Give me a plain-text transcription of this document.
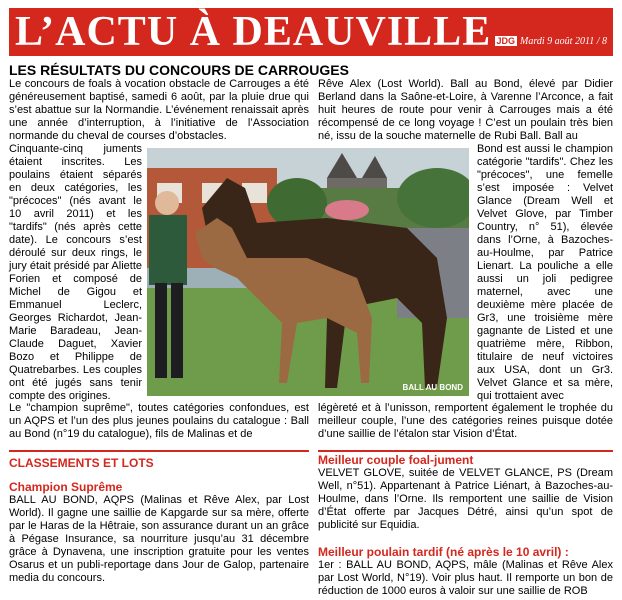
L’ACTU À DEAUVILLE JDG Mardi 9 août 2011 / 8
LES RÉSULTATS DU CONCOURS DE CARROUGES

Le concours de foals à vocation obstacle de Carrouges a été généreusement baptisé, samedi 6 août, par la pluie drue qui s’est abattue sur la Normandie. L’événement renaissait après une année d’interruption, à l’initiative de l’Association normande du cheval de courses d’obstacles.

Rêve Alex (Lost World). Ball au Bond, élevé par Didier Berland dans la Saône-et-Loire, à Varenne l’Arconce, a fait huit heures de route pour venir à Carrouges mais a été récompensé de ce long voyage ! C’est un poulain très bien né, issu de la souche maternelle de Rubi Ball. Ball au

Cinquante-cinq juments étaient inscrites. Les poulains étaient séparés en deux catégories, les "précoces" (nés avant le 10 avril 2011) et les "tardifs" (nés après cette date). Le concours s’est déroulé sur deux rings, le jury était présidé par Aliette Forien et composé de Michel de Gigou et Emmanuel Leclerc, Georges Richardot, Jean-Marie Baradeau, Jean-Claude Daguet, Xavier Bozo et Philippe de Quatrebarbes. Les couples ont été jugés sans tenir compte des origines.

Bond est aussi le champion catégorie "tardifs". Chez les "précoces", une femelle s’est imposée : Velvet Glance (Dream Well et Velvet Glove, par Timber Country, n° 51), élevée dans l’Orne, à Bazoches-au-Houlme, par Patrice Lienart. La pouliche a elle aussi un joli pedigree maternel, avec une deuxième mère placée de Gr3, une troisième mère gagnante de Listed et une quatrième mère, Ribbon, titulaire de neuf victoires aux USA, dont un Gr3. Velvet Glance et sa mère, qui trottaient avec

BALL AU BOND

Le "champion suprême", toutes catégories confondues, est un AQPS et l’un des plus jeunes poulains du catalogue : Ball au Bond (n°19 du catalogue), fils de Malinas et de

légèreté et à l’unisson, remportent également le trophée du meilleur couple, l’une des catégories reines puisque dotée d’une saillie de l’étalon star Vision d’État.

CLASSEMENTS ET LOTS
Champion Suprême

BALL AU BOND, AQPS (Malinas et Rêve Alex, par Lost World). Il gagne une saillie de Kapgarde sur sa mère, offerte par le Haras de la Hêtraie, son assurance durant un an grâce à Pégase Insurance, sa nourriture jusqu’au 31 décembre grâce à Dynavena, une inscription gratuite pour les ventes Osarus et un publi-reportage dans Jour de Galop, partenaire media du concours.

Meilleur couple foal-jument

VELVET GLOVE, suitée de VELVET GLANCE, PS (Dream Well, n°51). Appartenant à Patrice Liénart, à Bazoches-au-Houlme, dans l’Orne. Ils remportent une saillie de Vision d’État offerte par Jacques Détré, ainsi qu’un spot de publicité sur Equidia.

Meilleur poulain tardif (né après le 10 avril) :

1er : BALL AU BOND, AQPS, mâle (Malinas et Rêve Alex par Lost World, N°19). Voir plus haut. Il remporte un bon de réduction de 1000 euros à valoir sur une saillie de ROB
